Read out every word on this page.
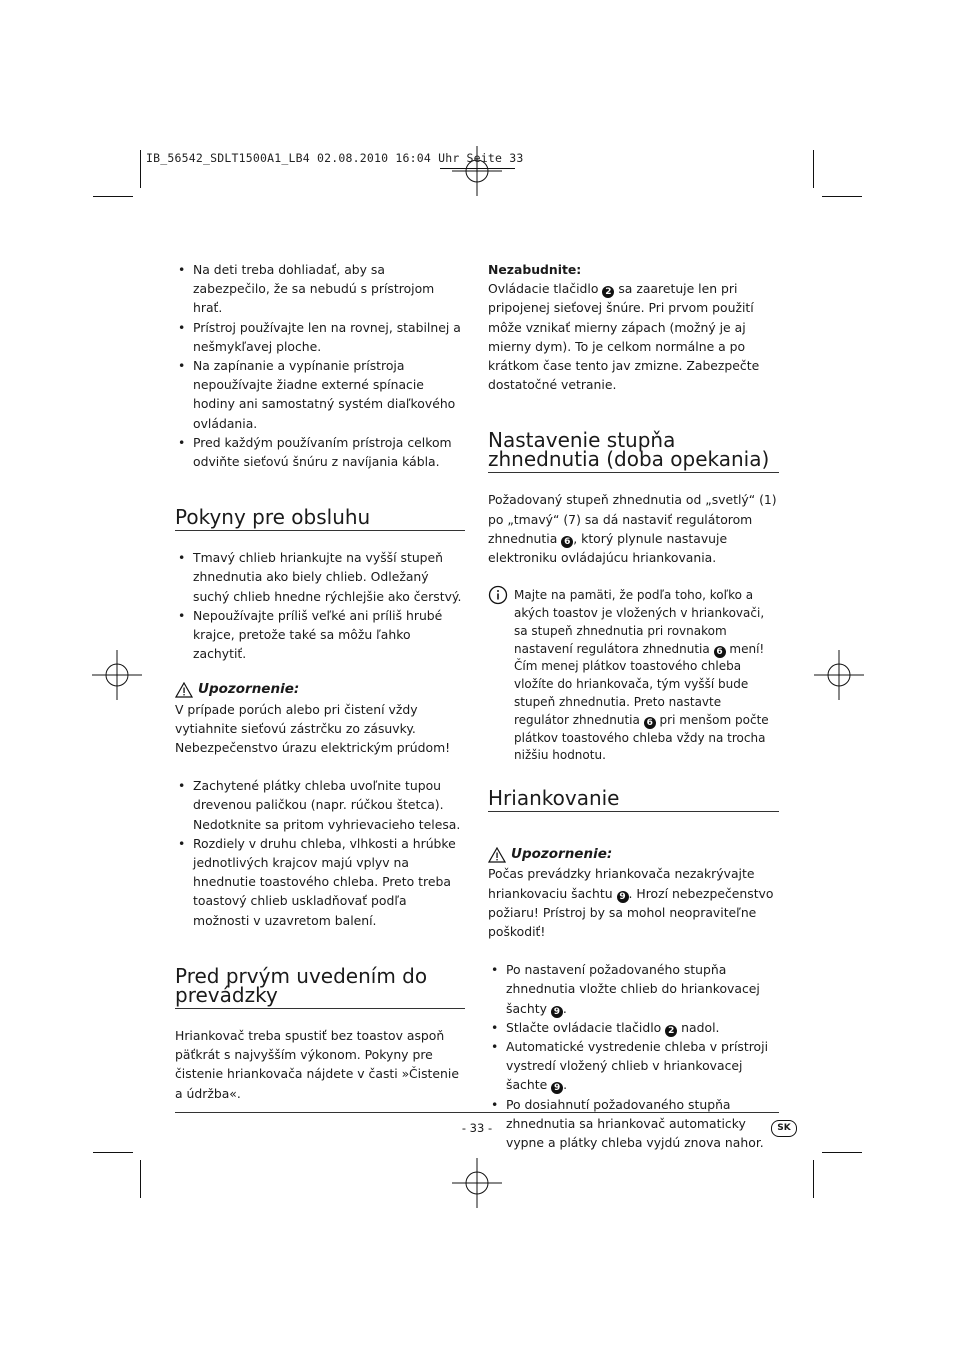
IB_56542_SDLT1500A1_LB4 02.08.2010 16:04 Uhr Seite 33
• Na deti treba dohliadať, aby sa zabezpečilo, že sa nebudú s prístrojom hrať.
• Prístroj používajte len na rovnej, stabilnej a nešmykľavej ploche.
• Na zapínanie a vypínanie prístroja nepoužívajte žiadne externé spínacie hodiny ani samostatný systém diaľkového ovládania.
• Pred každým používaním prístroja celkom odviňte sieťovú šnúru z navíjania kábla.
Pokyny pre obsluhu
• Tmavý chlieb hriankujte na vyšší stupeň zhnednutia ako biely chlieb. Odležaný suchý chlieb hnedne rýchlejšie ako čerstvý.
• Nepoužívajte príliš veľké ani príliš hrubé krajce, pretože také sa môžu ľahko zachytiť.
Upozornenie:

V prípade porúch alebo pri čistení vždy vytiahnite sieťovú zástrčku zo zásuvky. Nebezpečenstvo úrazu elektrickým prúdom!

• Zachytené plátky chleba uvoľnite tupou drevenou paličkou (napr. rúčkou štetca). Nedotknite sa pritom vyhrievacieho telesa.
• Rozdiely v druhu chleba, vlhkosti a hrúbke jednotlivých krajcov majú vplyv na hnednutie toastového chleba. Preto treba toastový chlieb uskladňovať podľa možnosti v uzavretom balení.
Pred prvým uvedením do prevádzky

Hriankovač treba spustiť bez toastov aspoň päťkrát s najvyšším výkonom. Pokyny pre čistenie hriankovača nájdete v časti »Čistenie a údržba«.

Nezabudnite:

Ovládacie tlačidlo 2 sa zaaretuje len pri pripojenej sieťovej šnúre. Pri prvom použití môže vznikať mierny zápach (možný je aj mierny dym). To je celkom normálne a po krátkom čase tento jav zmizne. Zabezpečte dostatočné vetranie.

Nastavenie stupňa zhnednutia (doba opekania)

Požadovaný stupeň zhnednutia od „svetlý“ (1) po „tmavý“ (7) sa dá nastaviť regulátorom zhnednutia 6 , ktorý plynule nastavuje elektroniku ovládajúcu hriankovania.

Majte na pamäti, že podľa toho, koľko a akých toastov je vložených v hriankovači, sa stupeň zhnednutia pri rovnakom nastavení regulátora zhnednutia 6 mení! Čím menej plátkov toastového chleba vložíte do hriankovača, tým vyšší bude stupeň zhnednutia. Preto nastavte regulátor zhnednutia 6 pri menšom počte plátkov toastového chleba vždy na trocha nižšiu hodnotu.
Hriankovanie
Upozornenie:

Počas prevádzky hriankovača nezakrývajte hriankovaciu šachtu 9 . Hrozí nebezpečenstvo požiaru! Prístroj by sa mohol neopraviteľne poškodiť!

• Po nastavení požadovaného stupňa zhnednutia vložte chlieb do hriankovacej šachty 9 .
• Stlačte ovládacie tlačidlo 2 nadol.
• Automatické vystredenie chleba v prístroji vystredí vložený chlieb v hriankovacej šachte 9 .
• Po dosiahnutí požadovaného stupňa zhnednutia sa hriankovač automaticky vypne a plátky chleba vyjdú znova nahor.
- 33 -	SK
